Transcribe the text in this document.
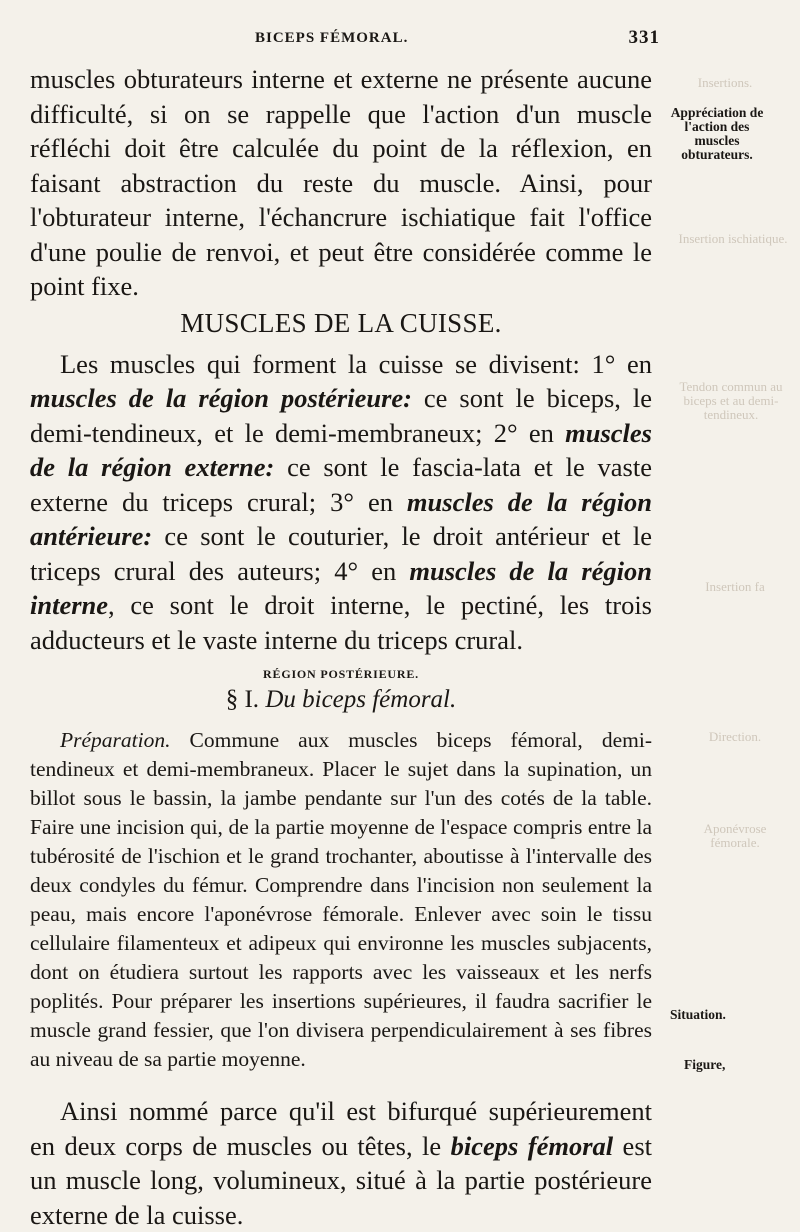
Insertions.
Insertion ischiatique.
Tendon commun au biceps et au demi-tendineux.
Insertion fa
Direction.
Aponévrose fémorale.
BICEPS FÉMORAL.	331
Appréciation de l'action des muscles obturateurs.
Situation.
Figure,

muscles obturateurs interne et externe ne présente aucune difficulté, si on se rappelle que l'action d'un muscle réfléchi doit être calculée du point de la réflexion, en faisant abstraction du reste du muscle. Ainsi, pour l'obturateur interne, l'échancrure ischiatique fait l'office d'une poulie de renvoi, et peut être considérée comme le point fixe.

MUSCLES DE LA CUISSE.

Les muscles qui forment la cuisse se divisent: 1° en muscles de la région postérieure: ce sont le biceps, le demi-tendineux, et le demi-membraneux; 2° en muscles de la région externe: ce sont le fascia-lata et le vaste externe du triceps crural; 3° en muscles de la région antérieure: ce sont le couturier, le droit antérieur et le triceps crural des auteurs; 4° en muscles de la région interne, ce sont le droit interne, le pectiné, les trois adducteurs et le vaste interne du triceps crural.

RÉGION POSTÉRIEURE.
§ I. Du biceps fémoral.

Préparation. Commune aux muscles biceps fémoral, demi-tendineux et demi-membraneux. Placer le sujet dans la supination, un billot sous le bassin, la jambe pendante sur l'un des cotés de la table. Faire une incision qui, de la partie moyenne de l'espace compris entre la tubérosité de l'ischion et le grand trochanter, aboutisse à l'intervalle des deux condyles du fémur. Comprendre dans l'incision non seulement la peau, mais encore l'aponévrose fémorale. Enlever avec soin le tissu cellulaire filamenteux et adipeux qui environne les muscles subjacents, dont on étudiera surtout les rapports avec les vaisseaux et les nerfs poplités. Pour préparer les insertions supérieures, il faudra sacrifier le muscle grand fessier, que l'on divisera perpendiculairement à ses fibres au niveau de sa partie moyenne.

Ainsi nommé parce qu'il est bifurqué supérieurement en deux corps de muscles ou têtes, le biceps fémoral est un muscle long, volumineux, situé à la partie postérieure externe de la cuisse.
